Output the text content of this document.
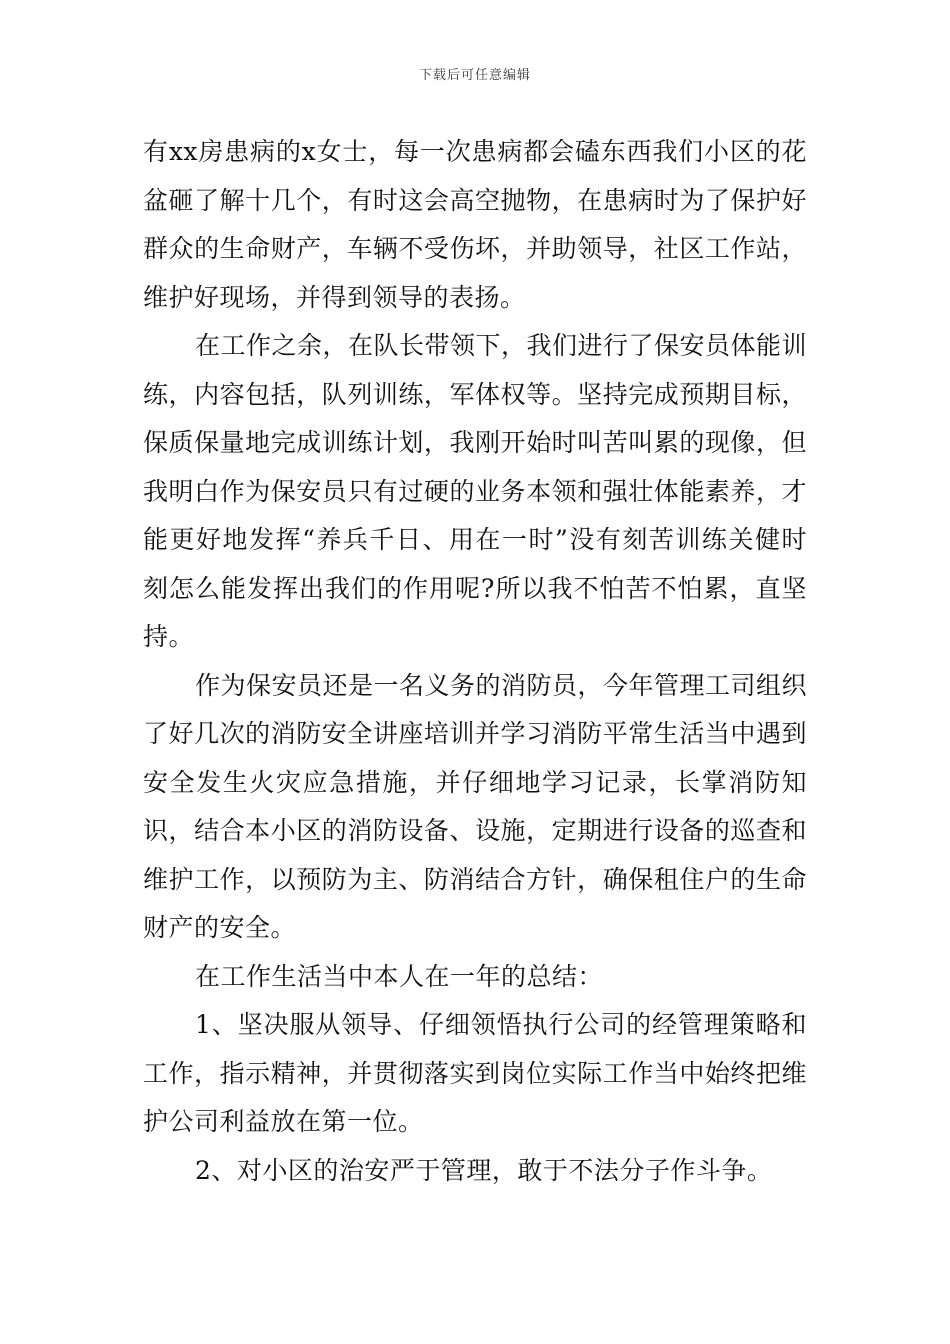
下载后可任意编辑

有xx房患病的x女士，每一次患病都会磕东西我们小区的花盆砸了解十几个，有时这会高空抛物，在患病时为了保护好群众的生命财产，车辆不受伤坏，并助领导，社区工作站，维护好现场，并得到领导的表扬。

在工作之余，在队长带领下，我们进行了保安员体能训练，内容包括，队列训练，军体权等。坚持完成预期目标，保质保量地完成训练计划，我刚开始时叫苦叫累的现像，但我明白作为保安员只有过硬的业务本领和强壮体能素养，才能更好地发挥“养兵千日、用在一时”没有刻苦训练关健时刻怎么能发挥出我们的作用呢?所以我不怕苦不怕累，直坚持。

作为保安员还是一名义务的消防员，今年管理工司组织了好几次的消防安全讲座培训并学习消防平常生活当中遇到安全发生火灾应急措施，并仔细地学习记录，长掌消防知识，结合本小区的消防设备、设施，定期进行设备的巡查和维护工作，以预防为主、防消结合方针，确保租住户的生命财产的安全。

在工作生活当中本人在一年的总结：

1、坚决服从领导、仔细领悟执行公司的经管理策略和工作，指示精神，并贯彻落实到岗位实际工作当中始终把维护公司利益放在第一位。

2、对小区的治安严于管理，敢于不法分子作斗争。
